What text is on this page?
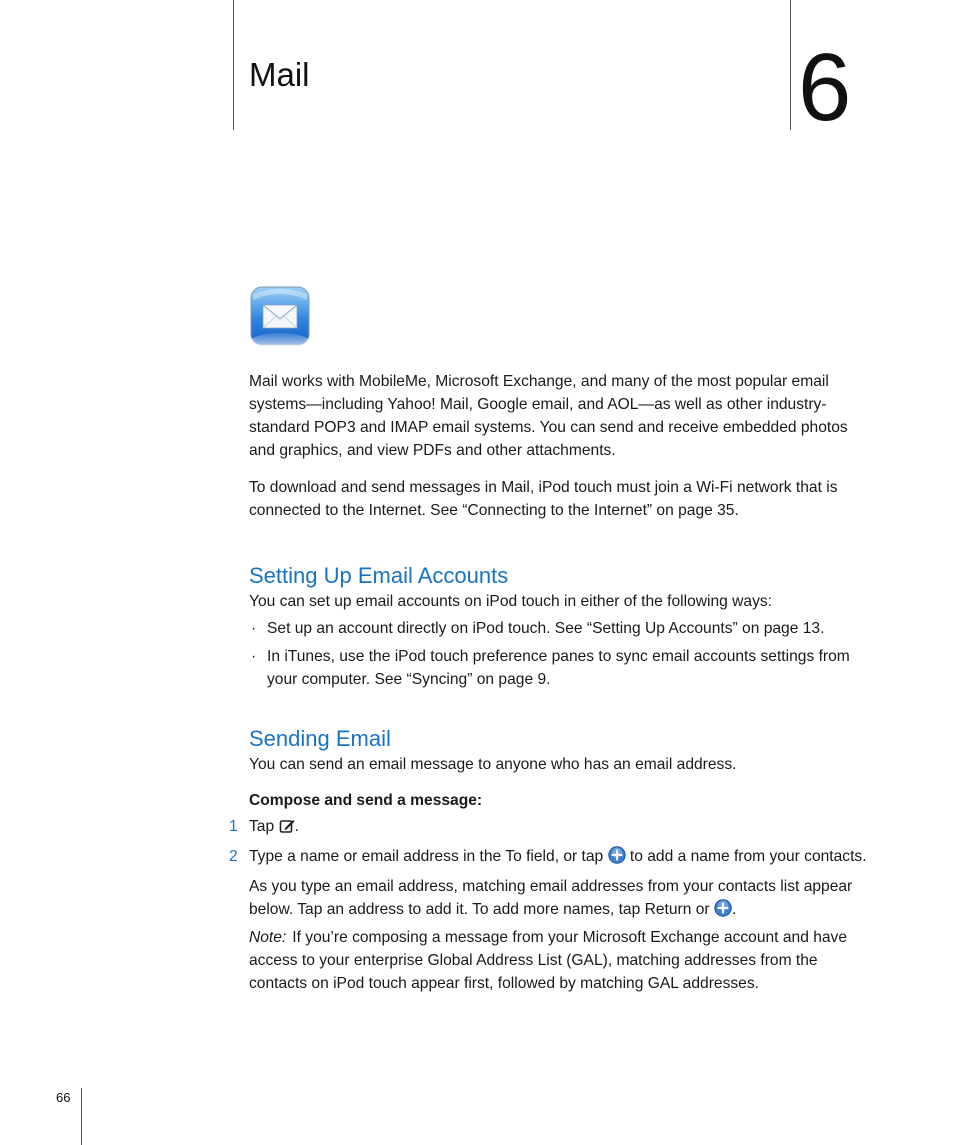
Mail	6

Mail works with MobileMe, Microsoft Exchange, and many of the most popular email systems—including Yahoo! Mail, Google email, and AOL—as well as other industry-standard POP3 and IMAP email systems. You can send and receive embedded photos and graphics, and view PDFs and other attachments.

To download and send messages in Mail, iPod touch must join a Wi-Fi network that is connected to the Internet. See “Connecting to the Internet” on page 35.

Setting Up Email Accounts

You can set up email accounts on iPod touch in either of the following ways:

· Set up an account directly on iPod touch. See “Setting Up Accounts” on page 13.
· In iTunes, use the iPod touch preference panes to sync email accounts settings from your computer. See “Syncing” on page 9.
Sending Email

You can send an email message to anyone who has an email address.

Compose and send a message:
1 Tap .
2 Type a name or email address in the To field, or tap to add a name from your contacts.

As you type an email address, matching email addresses from your contacts list appear below. Tap an address to add it. To add more names, tap Return or .

Note: If you’re composing a message from your Microsoft Exchange account and have access to your enterprise Global Address List (GAL), matching addresses from the contacts on iPod touch appear first, followed by matching GAL addresses.

66
